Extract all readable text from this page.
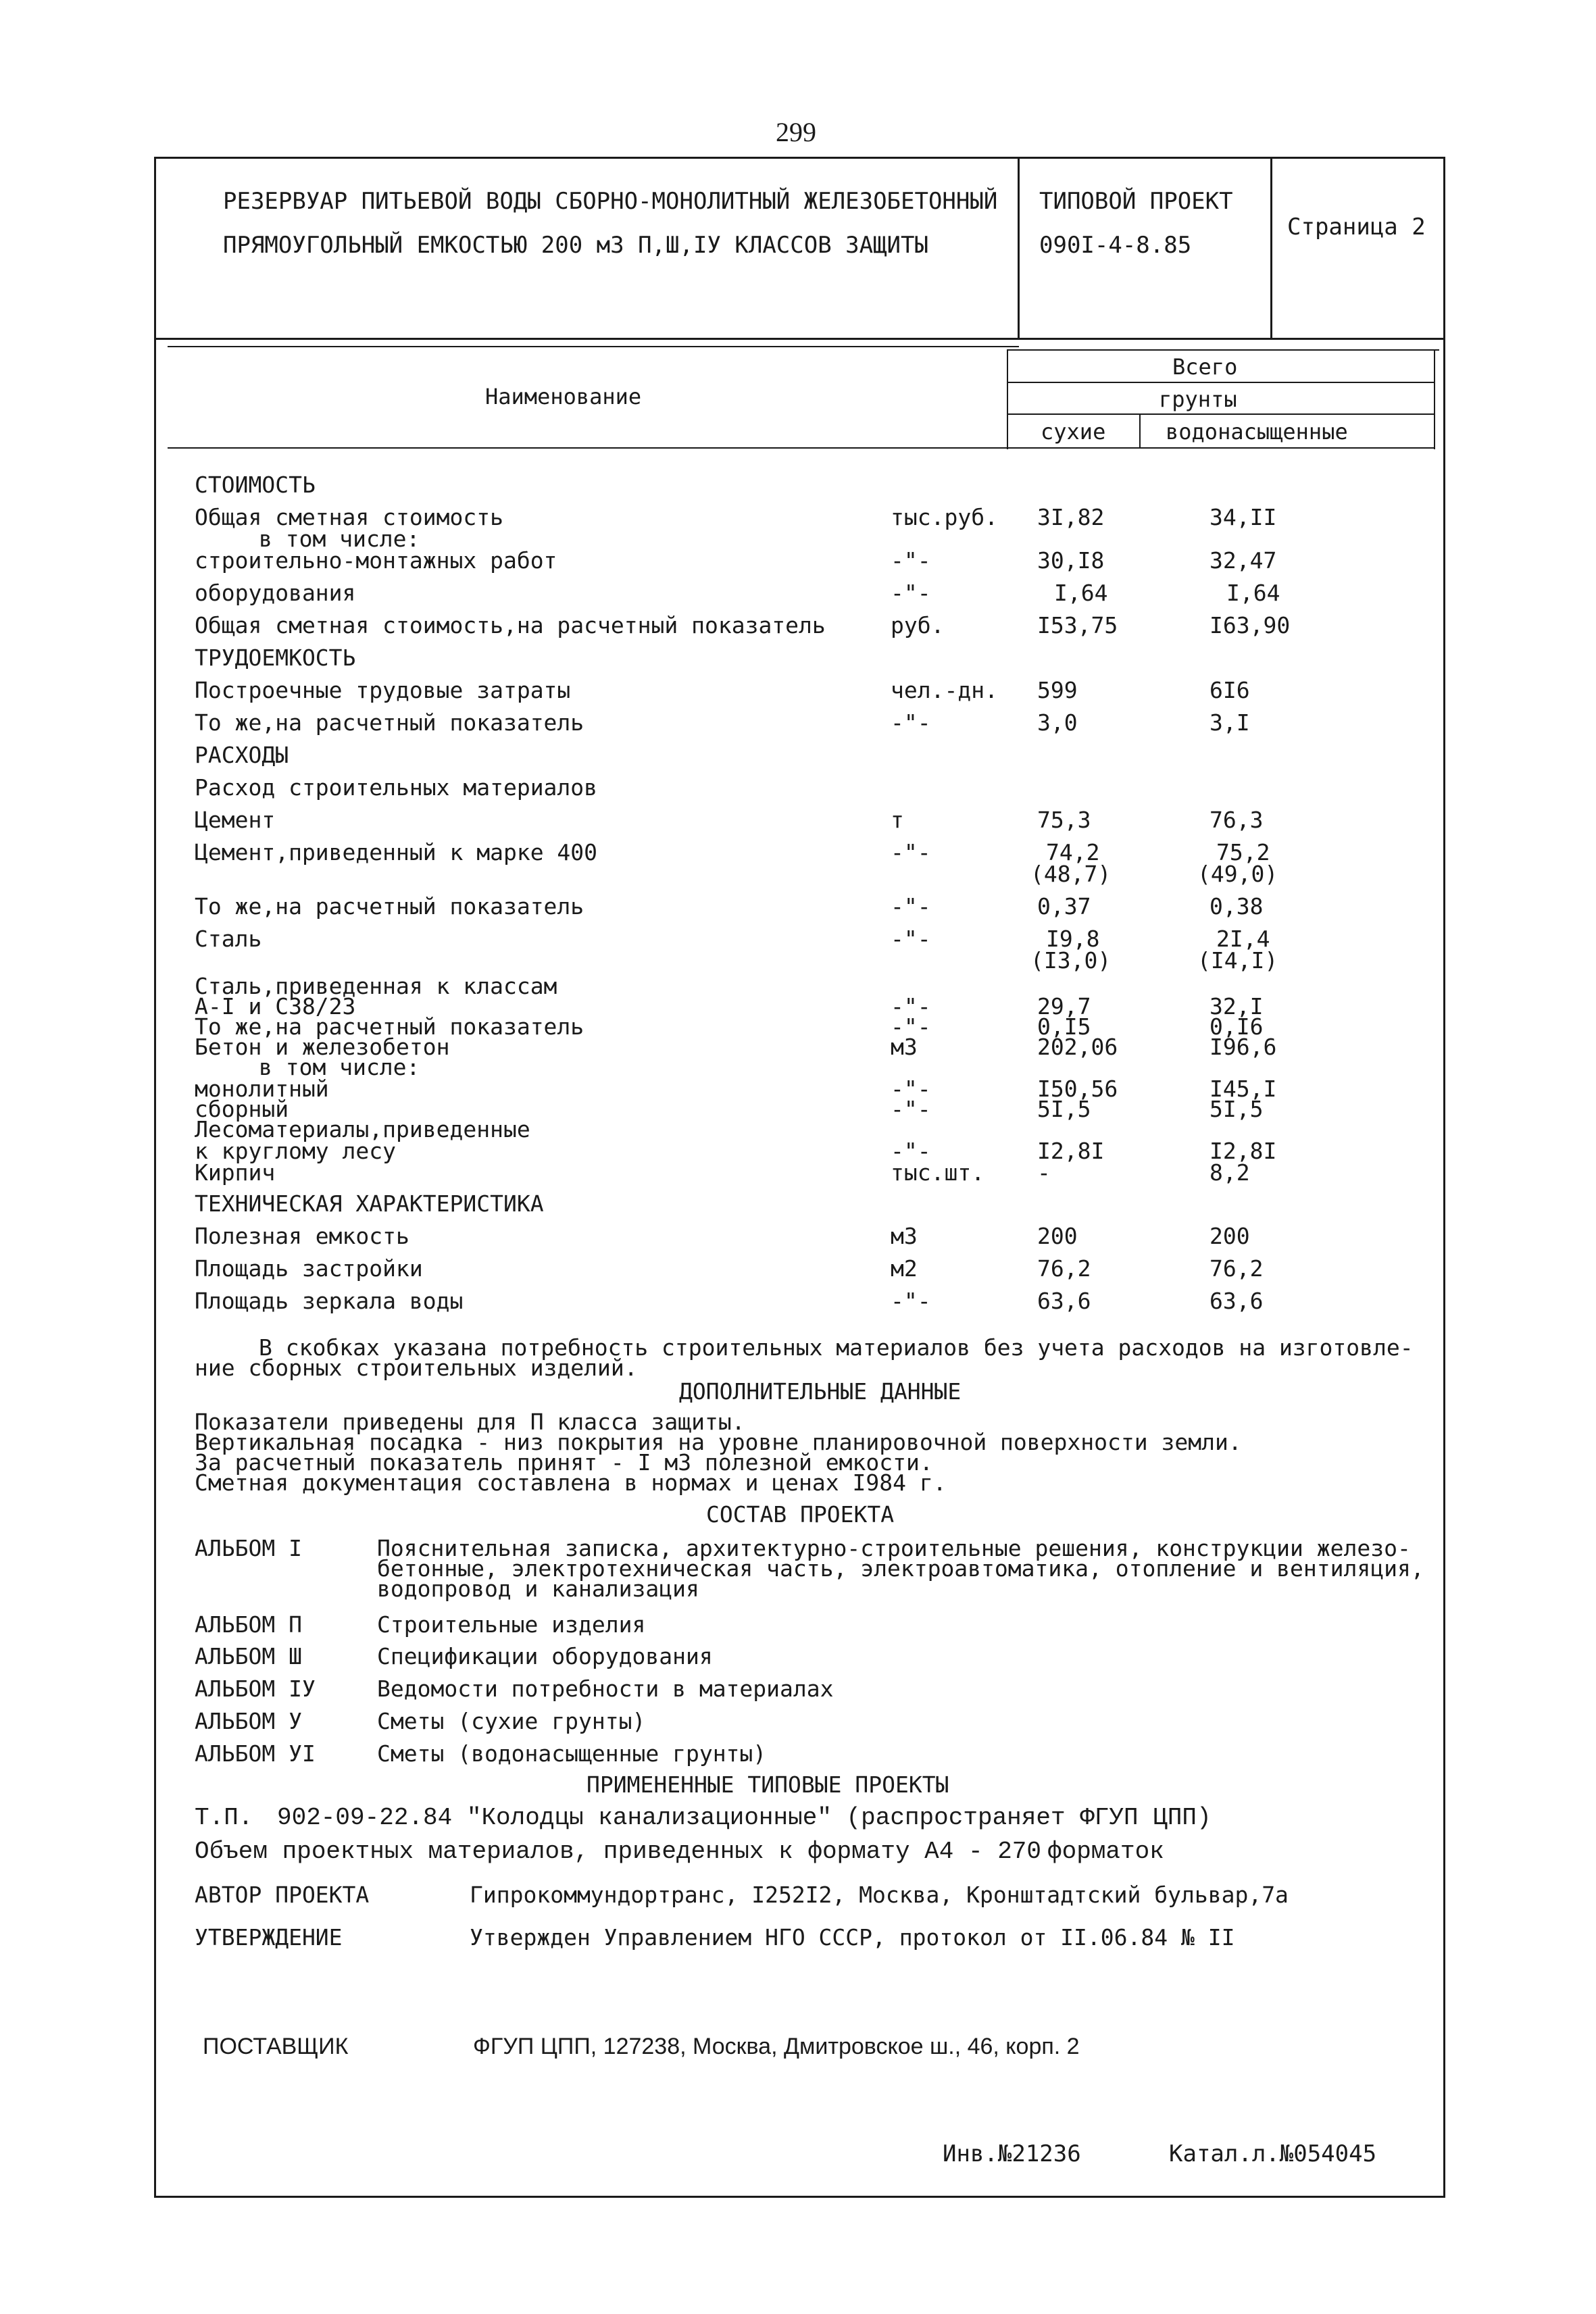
299
РЕЗЕРВУАР ПИТЬЕВОЙ ВОДЫ СБОРНО-МОНОЛИТНЫЙ ЖЕЛЕЗОБЕТОННЫЙ
ПРЯМОУГОЛЬНЫЙ ЕМКОСТЬЮ 200 м3 П,Ш,IУ КЛАССОВ ЗАЩИТЫ
ТИПОВОЙ ПРОЕКТ
090I-4-8.85
Страница 2
Наименование
Всего
грунты
сухие	водонасыщенные
СТОИМОСТЬ
Общая сметная стоимость	тыс.руб. 3I,82	34,II
в том числе:
строительно-монтажных работ	-"-	30,I8	32,47
оборудования	-"-	I,64	I,64
Общая сметная стоимость,на расчетный показатель	руб.	I53,75	I63,90
ТРУДОЕМКОСТЬ
Построечные трудовые затраты	чел.-дн. 599	6I6
То же,на расчетный показатель	-"-	3,0	3,I
РАСХОДЫ
Расход строительных материалов
Цемент	т	75,3	76,3
Цемент,приведенный к марке 400	-"-	74,2	75,2
(48,7)	(49,0)
То же,на расчетный показатель	-"-	0,37	0,38
Сталь	-"-	I9,8	2I,4
(I3,0)	(I4,I)
Сталь,приведенная к классам
А-I и С38/23	-"-	29,7	32,I
То же,на расчетный показатель	-"-	0,I5	0,I6
Бетон и железобетон	м3	202,06	I96,6
в том числе:
монолитный	-"-	I50,56	I45,I
сборный	-"-	5I,5	5I,5
Лесоматериалы,приведенные
к круглому лесу	-"-	I2,8I	I2,8I
Кирпич	тыс.шт. -	8,2
ТЕХНИЧЕСКАЯ ХАРАКТЕРИСТИКА
Полезная емкость	м3	200	200
Площадь застройки	м2	76,2	76,2
Площадь зеркала воды	-"-	63,6	63,6
В скобках указана потребность строительных материалов без учета расходов на изготовле-
ние сборных строительных изделий.
ДОПОЛНИТЕЛЬНЫЕ ДАННЫЕ
Показатели приведены для П класса защиты.
Вертикальная посадка - низ покрытия на уровне планировочной поверхности земли.
За расчетный показатель принят - I м3 полезной емкости.
Сметная документация составлена в нормах и ценах I984 г.
СОСТАВ ПРОЕКТА
АЛЬБОМ I	Пояснительная записка, архитектурно-строительные решения, конструкции железо-
бетонные, электротехническая часть, электроавтоматика, отопление и вентиляция,
водопровод и канализация
АЛЬБОМ П	Строительные изделия
АЛЬБОМ Ш	Спецификации оборудования
АЛЬБОМ IУ	Ведомости потребности в материалах
АЛЬБОМ У	Сметы (сухие грунты)
АЛЬБОМ УI	Сметы (водонасыщенные грунты)
ПРИМЕНЕННЫЕ ТИПОВЫЕ ПРОЕКТЫ
Т.П. 902-09-22.84 "Колодцы канализационные" (распространяет ФГУП ЦПП)
Объем проектных материалов, приведенных к формату А4 - 270 форматок
АВТОР ПРОЕКТА	Гипрокоммундортранс, I252I2, Москва, Кронштадтский бульвар,7а
УТВЕРЖДЕНИЕ	Утвержден Управлением НГО СССР, протокол от II.06.84 № II
ПОСТАВЩИК	ФГУП ЦПП, 127238, Москва, Дмитровское ш., 46, корп. 2
Инв.№21236	Катал.л.№054045
